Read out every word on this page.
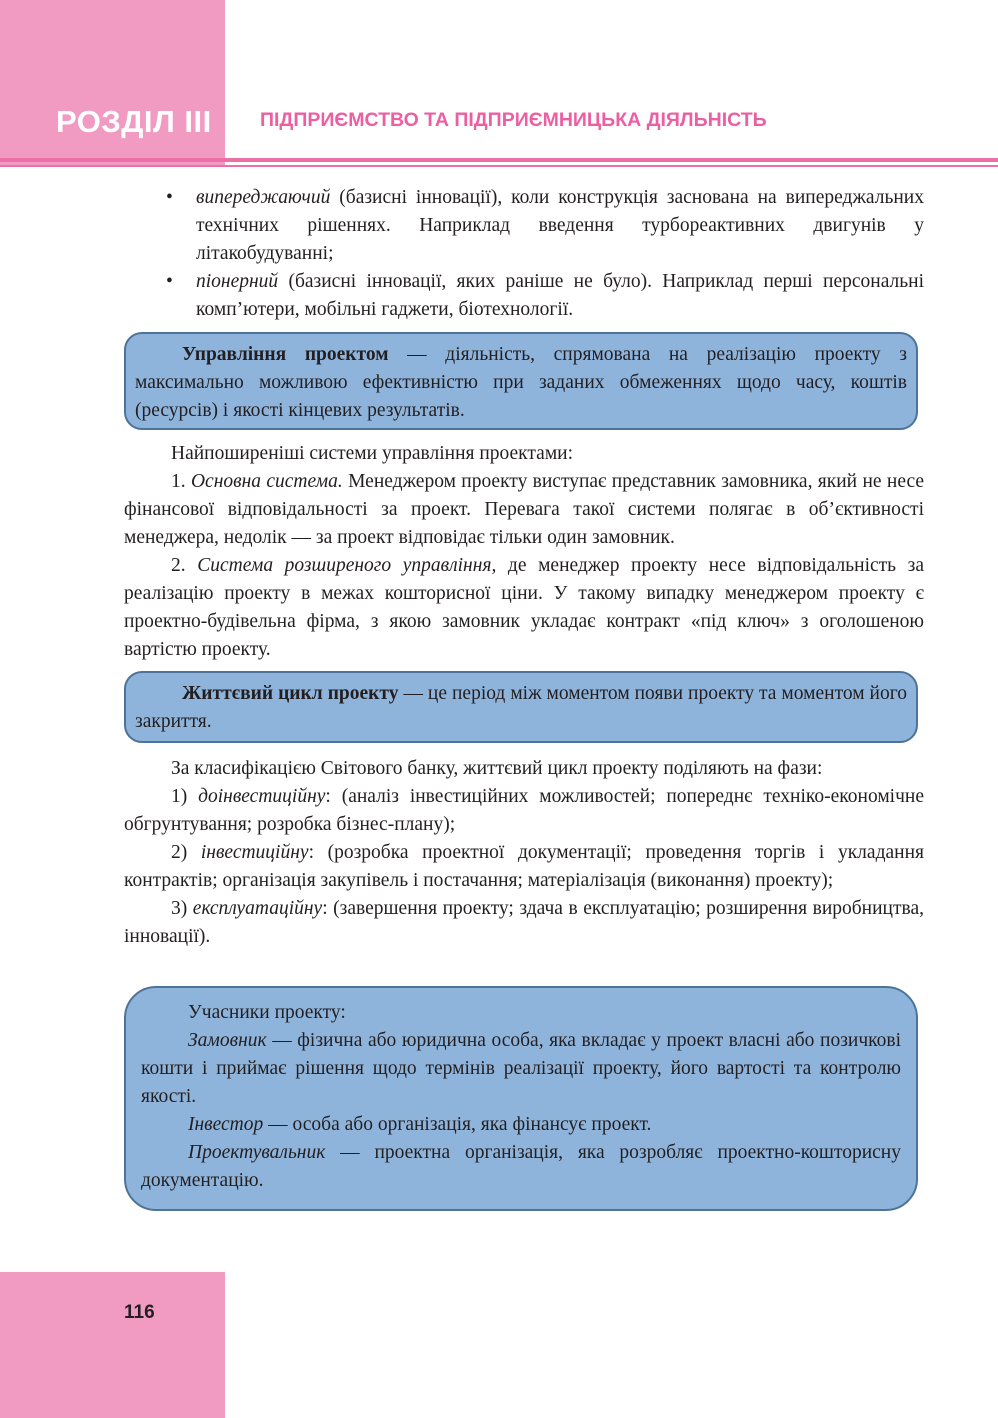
РОЗДІЛ III ПІДПРИЄМСТВО ТА ПІДПРИЄМНИЦЬКА ДІЯЛЬНІСТЬ

• випереджаючий (базисні інновації), коли конструкція заснована на випереджальних технічних рішеннях. Наприклад введення турбореактивних двигунів у літакобудуванні;

• піонерний (базисні інновації, яких раніше не було). Наприклад перші персональні комп’ютери, мобільні гаджети, біотехнології.

Управління проектом — діяльність, спрямована на реалізацію проекту з максимально можливою ефективністю при заданих обмеженнях щодо часу, коштів (ресурсів) і якості кінцевих результатів.

Найпоширеніші системи управління проектами:

1. Основна система. Менеджером проекту виступає представник замовника, який не несе фінансової відповідальності за проект. Перевага такої системи полягає в об’єктивності менеджера, недолік — за проект відповідає тільки один замовник.

2. Система розширеного управління, де менеджер проекту несе відповідальність за реалізацію проекту в межах кошторисної ціни. У такому випадку менеджером проекту є проектно-будівельна фірма, з якою замовник укладає контракт «під ключ» з оголошеною вартістю проекту.

Життєвий цикл проекту — це період між моментом появи проекту та моментом його закриття.

За класифікацією Світового банку, життєвий цикл проекту поділяють на фази:

1) доінвестиційну: (аналіз інвестиційних можливостей; попереднє техніко-економічне обгрунтування; розробка бізнес-плану);

2) інвестиційну: (розробка проектної документації; проведення торгів і укладання контрактів; організація закупівель і постачання; матеріалізація (виконання) проекту);

3) експлуатаційну: (завершення проекту; здача в експлуатацію; розширення виробництва, інновації).

Учасники проекту:

Замовник — фізична або юридична особа, яка вкладає у проект власні або позичкові кошти і приймає рішення щодо термінів реалізації проекту, його вартості та контролю якості.

Інвестор — особа або організація, яка фінансує проект.

Проектувальник — проектна організація, яка розробляє проектно-кошторисну документацію.

116
